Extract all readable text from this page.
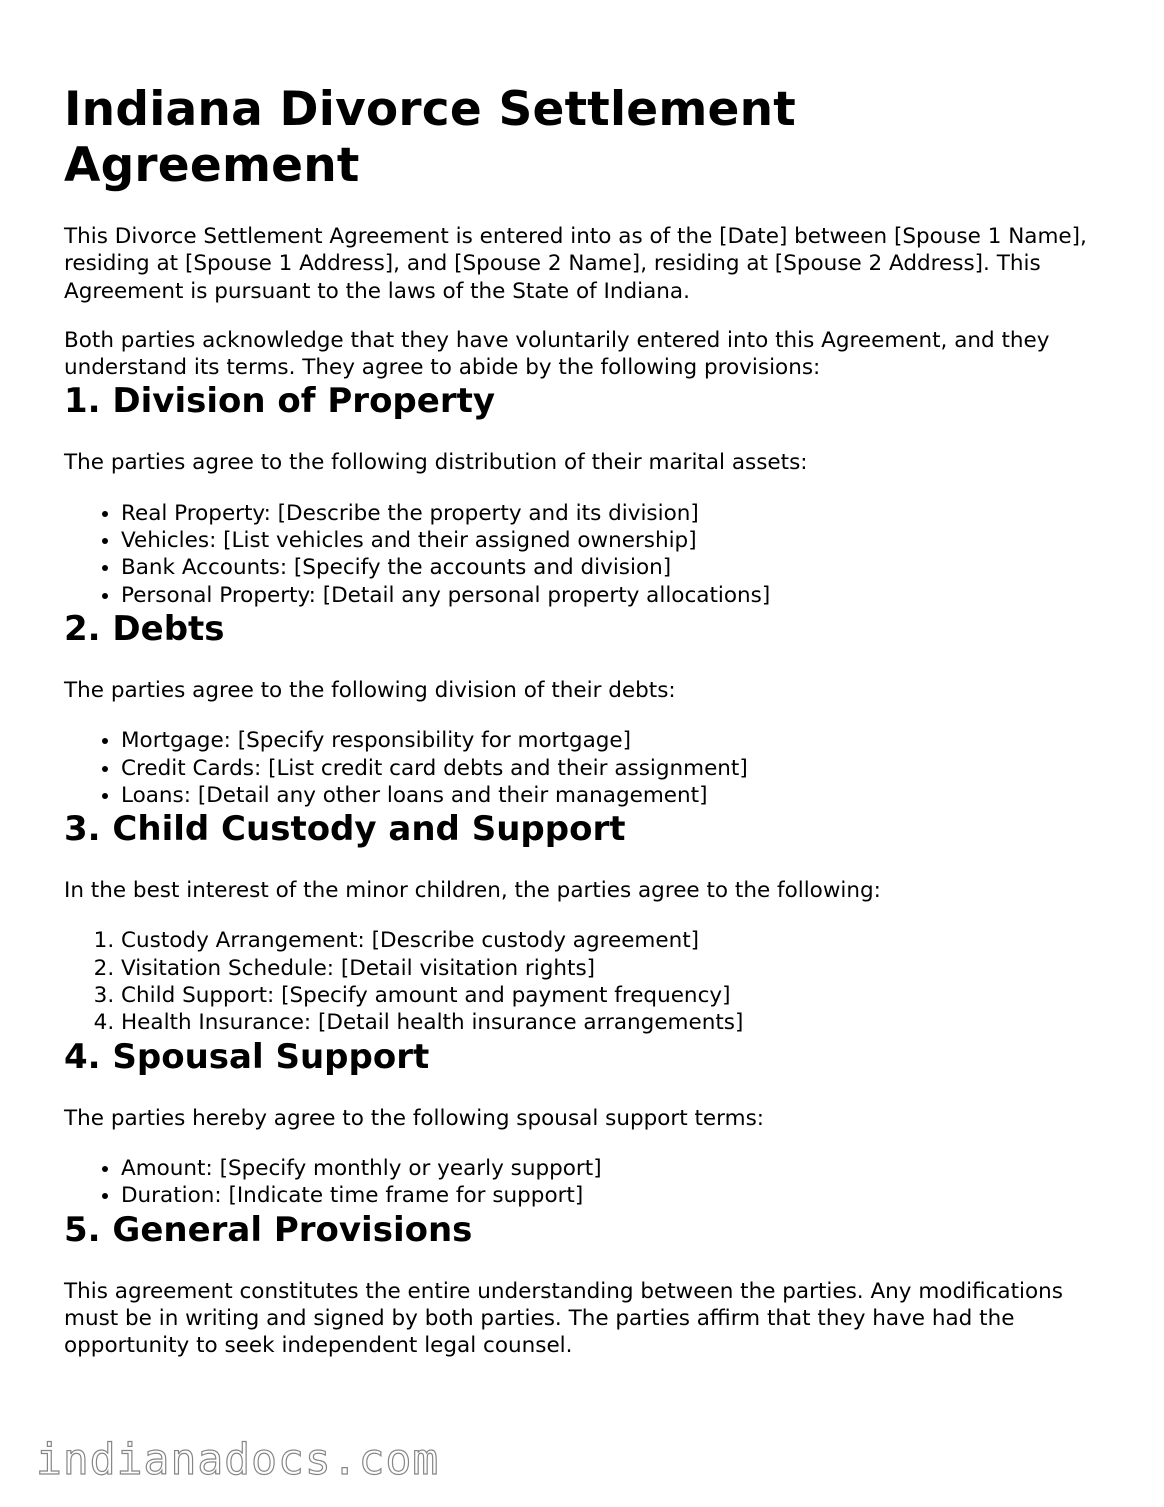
Indiana Divorce Settlement Agreement

This Divorce Settlement Agreement is entered into as of the [Date] between [Spouse 1 Name], residing at [Spouse 1 Address], and [Spouse 2 Name], residing at [Spouse 2 Address]. This Agreement is pursuant to the laws of the State of Indiana.

Both parties acknowledge that they have voluntarily entered into this Agreement, and they understand its terms. They agree to abide by the following provisions:

1. Division of Property

The parties agree to the following distribution of their marital assets:

• Real Property: [Describe the property and its division]
• Vehicles: [List vehicles and their assigned ownership]
• Bank Accounts: [Specify the accounts and division]
• Personal Property: [Detail any personal property allocations]
2. Debts

The parties agree to the following division of their debts:

• Mortgage: [Specify responsibility for mortgage]
• Credit Cards: [List credit card debts and their assignment]
• Loans: [Detail any other loans and their management]
3. Child Custody and Support

In the best interest of the minor children, the parties agree to the following:

1. Custody Arrangement: [Describe custody agreement]
2. Visitation Schedule: [Detail visitation rights]
3. Child Support: [Specify amount and payment frequency]
4. Health Insurance: [Detail health insurance arrangements]
4. Spousal Support

The parties hereby agree to the following spousal support terms:

• Amount: [Specify monthly or yearly support]
• Duration: [Indicate time frame for support]
5. General Provisions

This agreement constitutes the entire understanding between the parties. Any modifications must be in writing and signed by both parties. The parties affirm that they have had the opportunity to seek independent legal counsel.

indianadocs.com
